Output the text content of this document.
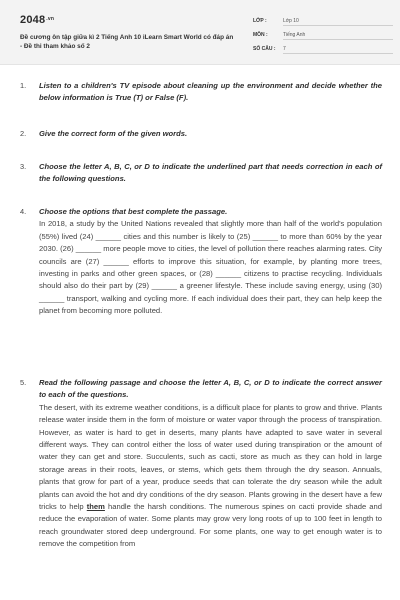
$2048^{.vn}$
Đề cương ôn tập giữa kì 2 Tiếng Anh 10 iLearn Smart World có đáp án - Đề thi tham khảo số 2
LỚP :	Lớp 10
MÔN :	Tiếng Anh
SỐ CÂU : 7
1.	Listen to a children's TV episode about cleaning up the environment and decide whether the below information is True (T) or False (F).
2.	Give the correct form of the given words.
3.	Choose the letter A, B, C, or D to indicate the underlined part that needs correction in each of the following questions.
4.	Choose the options that best complete the passage.
In 2018, a study by the United Nations revealed that slightly more than half of the world's population (55%) lived (24) ______ cities and this number is likely to (25) ______ to more than 60% by the year 2030. (26) ______ more people move to cities, the level of pollution there reaches alarming rates. City councils are (27) ______ efforts to improve this situation, for example, by planting more trees, investing in parks and other green spaces, or (28) ______ citizens to practise recycling. Individuals should also do their part by (29) ______ a greener lifestyle. These include saving energy, using (30) ______ transport, walking and cycling more. If each individual does their part, they can help keep the planet from becoming more polluted.
5.	Read the following passage and choose the letter A, B, C, or D to indicate the correct answer to each of the questions.
The desert, with its extreme weather conditions, is a difficult place for plants to grow and thrive. Plants release water inside them in the form of moisture or water vapor through the process of transpiration. However, as water is hard to get in deserts, many plants have adapted to save water in several different ways. They can control either the loss of water used during transpiration or the amount of water they can get and store. Succulents, such as cacti, store as much as they can hold in large storage areas in their roots, leaves, or stems, which gets them through the dry season. Annuals, plants that grow for part of a year, produce seeds that can tolerate the dry season while the adult plants can avoid the hot and dry conditions of the dry season. Plants growing in the desert have a few tricks to help them handle the harsh conditions. The numerous spines on cacti provide shade and reduce the evaporation of water. Some plants may grow very long roots of up to 100 feet in length to reach groundwater stored deep underground. For some plants, one way to get enough water is to remove the competition from
